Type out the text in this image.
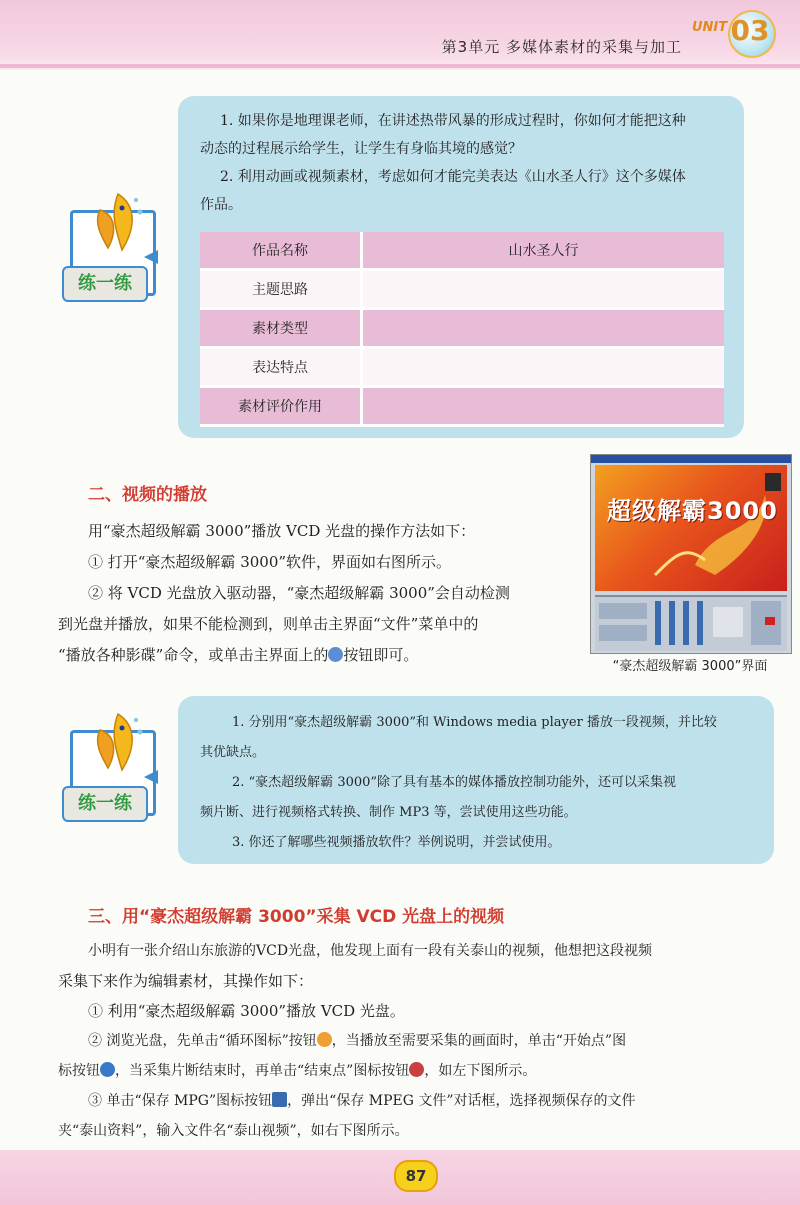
第3单元 多媒体素材的采集与加工
UNIT 03
练一练
1. 如果你是地理课老师，在讲述热带风暴的形成过程时，你如何才能把这种
动态的过程展示给学生，让学生有身临其境的感觉？
2. 利用动画或视频素材，考虑如何才能完美表达《山水圣人行》这个多媒体
作品。
作品名称	山水圣人行
主题思路	
素材类型	
表达特点	
素材评价作用	
二、视频的播放
用“豪杰超级解霸 3000”播放 VCD 光盘的操作方法如下：
① 打开“豪杰超级解霸 3000”软件，界面如右图所示。
② 将 VCD 光盘放入驱动器，“豪杰超级解霸 3000”会自动检测
到光盘并播放，如果不能检测到，则单击主界面“文件”菜单中的
“播放各种影碟”命令，或单击主界面上的 按钮即可。
超级解霸3000
“豪杰超级解霸 3000”界面
练一练
1. 分别用“豪杰超级解霸 3000”和 Windows media player 播放一段视频，并比较
其优缺点。
2. “豪杰超级解霸 3000”除了具有基本的媒体播放控制功能外，还可以采集视
频片断、进行视频格式转换、制作 MP3 等，尝试使用这些功能。
3. 你还了解哪些视频播放软件？举例说明，并尝试使用。
三、用“豪杰超级解霸 3000”采集 VCD 光盘上的视频
小明有一张介绍山东旅游的VCD光盘，他发现上面有一段有关泰山的视频，他想把这段视频
采集下来作为编辑素材，其操作如下：
① 利用“豪杰超级解霸 3000”播放 VCD 光盘。
② 浏览光盘，先单击“循环图标”按钮 ，当播放至需要采集的画面时，单击“开始点”图
标按钮 ，当采集片断结束时，再单击“结束点”图标按钮 ，如左下图所示。
③ 单击“保存 MPG”图标按钮 ，弹出“保存 MPEG 文件”对话框，选择视频保存的文件
夹“泰山资料”，输入文件名“泰山视频”，如右下图所示。
87
